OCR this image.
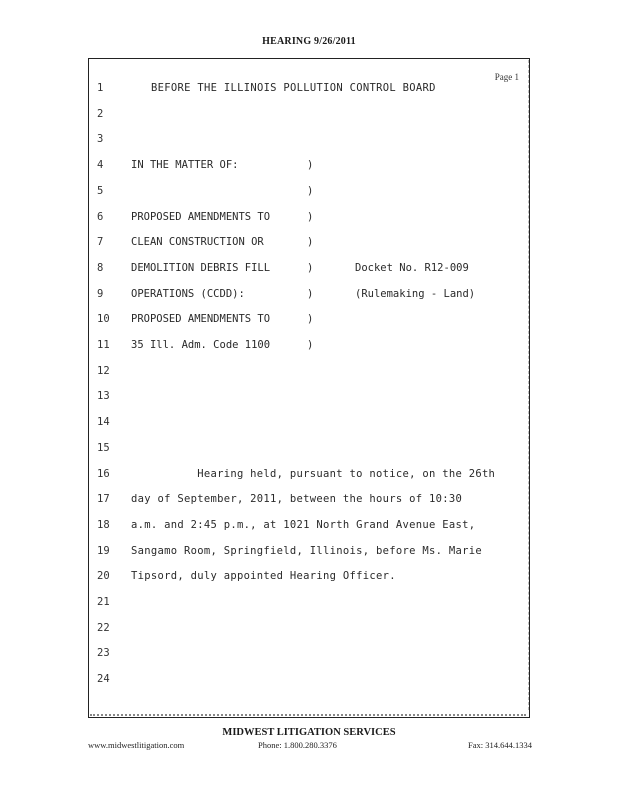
HEARING 9/26/2011
Page 1
1	BEFORE THE ILLINOIS POLLUTION CONTROL BOARD
2
3
4	IN THE MATTER OF:	)
5	)
6	PROPOSED AMENDMENTS TO	)
7	CLEAN CONSTRUCTION OR	)
8	DEMOLITION DEBRIS FILL	)	Docket No. R12-009
9	OPERATIONS (CCDD):	)	(Rulemaking - Land)
10	PROPOSED AMENDMENTS TO	)
11	35 Ill. Adm. Code 1100	)
12
13
14
15
16	Hearing held, pursuant to notice, on the 26th
17	day of September, 2011, between the hours of 10:30
18	a.m. and 2:45 p.m., at 1021 North Grand Avenue East,
19	Sangamo Room, Springfield, Illinois, before Ms. Marie
20	Tipsord, duly appointed Hearing Officer.
21
22
23
24
MIDWEST LITIGATION SERVICES
www.midwestlitigation.com	Phone: 1.800.280.3376	Fax: 314.644.1334
